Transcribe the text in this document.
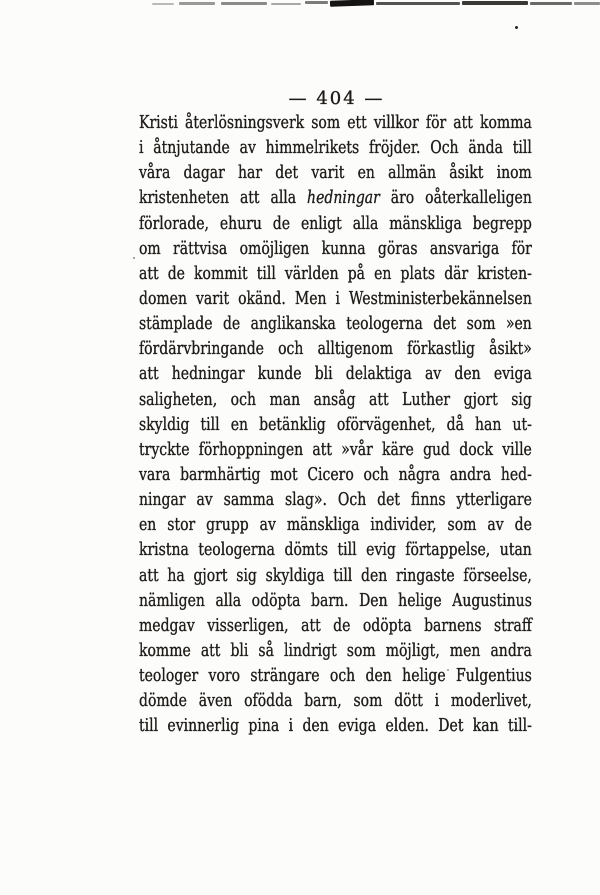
— 404 —
Kristi återlösningsverk som ett villkor för att komma
i åtnjutande av himmelrikets fröjder. Och ända till
våra dagar har det varit en allmän åsikt inom
kristenheten att alla hedningar äro oåterkalleligen
förlorade, ehuru de enligt alla mänskliga begrepp
om rättvisa omöjligen kunna göras ansvariga för
att de kommit till världen på en plats där kristen-
domen varit okänd. Men i Westministerbekännelsen
stämplade de anglikanska teologerna det som »en
fördärvbringande och alltigenom förkastlig åsikt»
att hedningar kunde bli delaktiga av den eviga
saligheten, och man ansåg att Luther gjort sig
skyldig till en betänklig oförvägenhet, då han ut-
tryckte förhoppningen att »vår käre gud dock ville
vara barmhärtig mot Cicero och några andra hed-
ningar av samma slag». Och det finns ytterligare
en stor grupp av mänskliga individer, som av de
kristna teologerna dömts till evig förtappelse, utan
att ha gjort sig skyldiga till den ringaste förseelse,
nämligen alla odöpta barn. Den helige Augustinus
medgav visserligen, att de odöpta barnens straff
komme att bli så lindrigt som möjligt, men andra
teologer voro strängare och den helige Fulgentius
dömde även ofödda barn, som dött i moderlivet,
till evinnerlig pina i den eviga elden. Det kan till-
